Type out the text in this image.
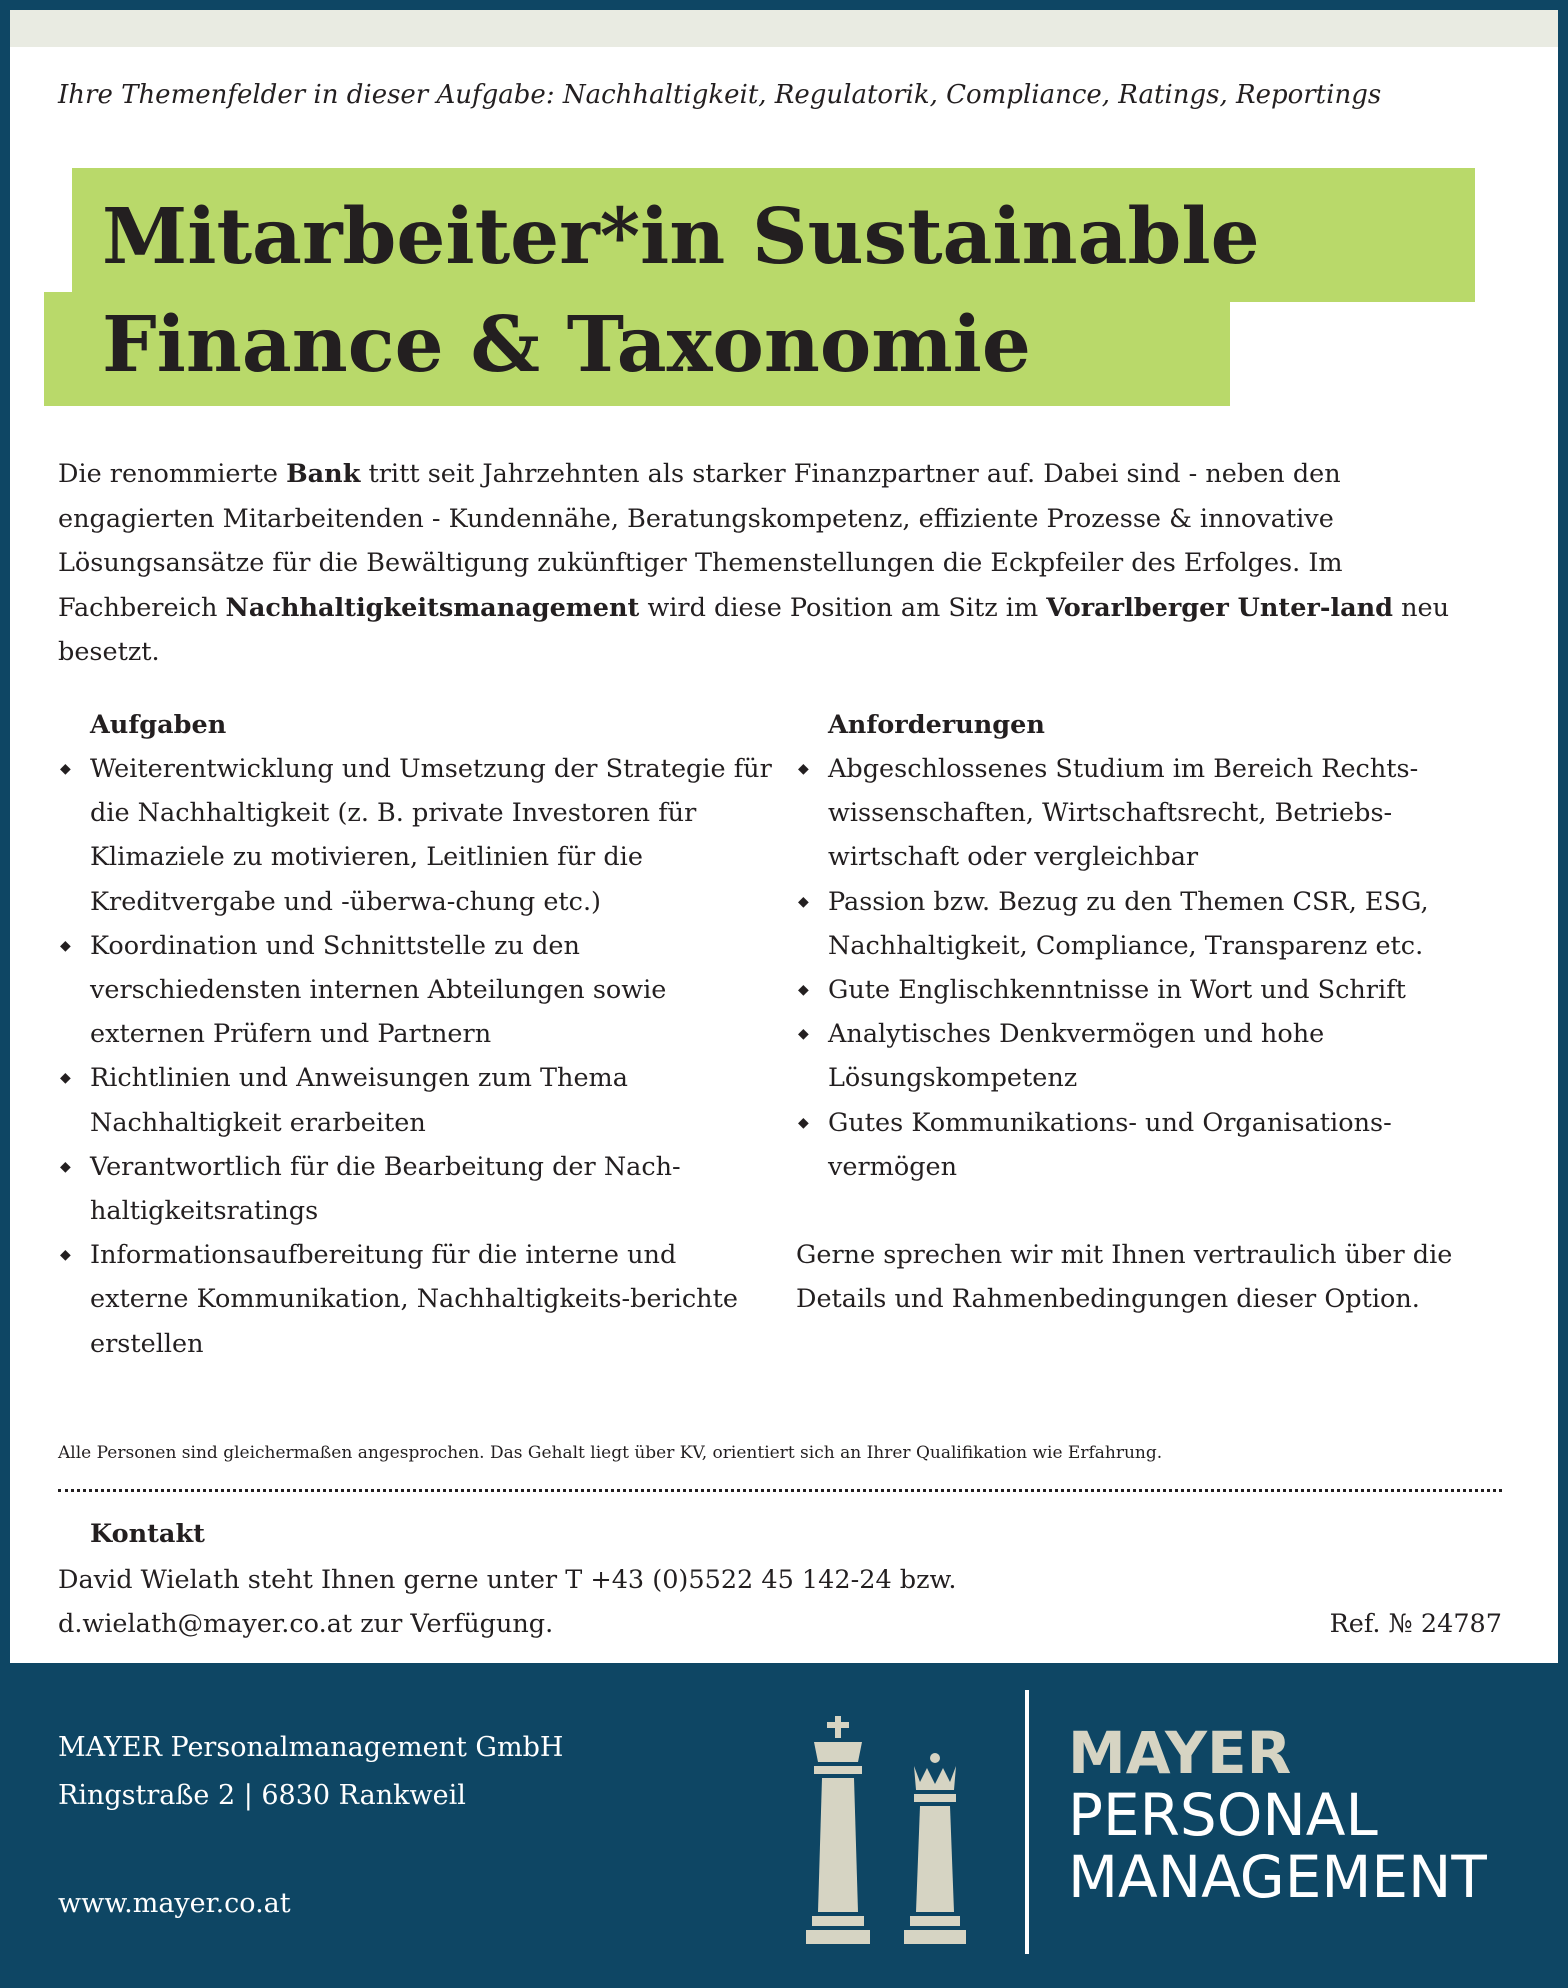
Ihre Themenfelder in dieser Aufgabe: Nachhaltigkeit, Regulatorik, Compliance, Ratings, Reportings
Mitarbeiter*in Sustainable
Finance & Taxonomie

Die renommierte Bank tritt seit Jahrzehnten als starker Finanzpartner auf. Dabei sind - neben den engagierten Mitarbeitenden - Kundennähe, Beratungskompetenz, effiziente Prozesse & innovative Lösungsansätze für die Bewältigung zukünftiger Themenstellungen die Eckpfeiler des Erfolges. Im Fachbereich Nachhaltigkeitsmanagement wird diese Position am Sitz im Vorarlberger Unter-land neu besetzt.

Aufgaben
◆ Weiterentwicklung und Umsetzung der Strategie für die Nachhaltigkeit (z. B. private Investoren für Klimaziele zu motivieren, Leitlinien für die Kreditvergabe und -überwa-chung etc.)
◆ Koordination und Schnittstelle zu den verschiedensten internen Abteilungen sowie externen Prüfern und Partnern
◆ Richtlinien und Anweisungen zum Thema Nachhaltigkeit erarbeiten
◆ Verantwortlich für die Bearbeitung der Nach-haltigkeitsratings
◆ Informationsaufbereitung für die interne und externe Kommunikation, Nachhaltigkeits-berichte erstellen
Anforderungen
◆ Abgeschlossenes Studium im Bereich Rechts-wissenschaften, Wirtschaftsrecht, Betriebs-wirtschaft oder vergleichbar
◆ Passion bzw. Bezug zu den Themen CSR, ESG, Nachhaltigkeit, Compliance, Transparenz etc.
◆ Gute Englischkenntnisse in Wort und Schrift
◆ Analytisches Denkvermögen und hohe Lösungskompetenz
◆ Gutes Kommunikations- und Organisations-vermögen

Gerne sprechen wir mit Ihnen vertraulich über die Details und Rahmenbedingungen dieser Option.

Alle Personen sind gleichermaßen angesprochen. Das Gehalt liegt über KV, orientiert sich an Ihrer Qualifikation wie Erfahrung.
Kontakt
David Wielath steht Ihnen gerne unter T +43 (0)5522 45 142-24 bzw.
d.wielath@mayer.co.at zur Verfügung.	Ref. № 24787
MAYER Personalmanagement GmbH
Ringstraße 2 | 6830 Rankweil
www.mayer.co.at
MAYER
PERSONAL
MANAGEMENT
